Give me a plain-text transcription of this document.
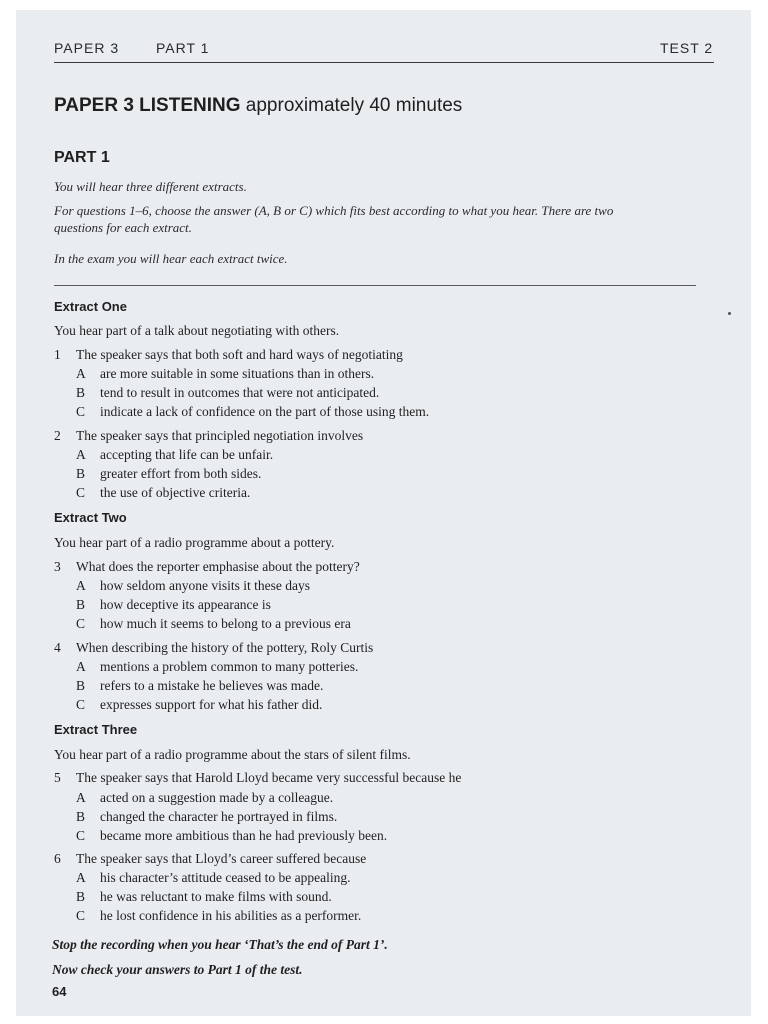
PAPER 3	PART 1	TEST 2
PAPER 3 LISTENING approximately 40 minutes
PART 1
You will hear three different extracts.
For questions 1–6, choose the answer (A, B or C) which fits best according to what you hear. There are two
questions for each extract.
In the exam you will hear each extract twice.
Extract One
You hear part of a talk about negotiating with others.
1 The speaker says that both soft and hard ways of negotiating
A are more suitable in some situations than in others.
B tend to result in outcomes that were not anticipated.
C indicate a lack of confidence on the part of those using them.
2 The speaker says that principled negotiation involves
A accepting that life can be unfair.
B greater effort from both sides.
C the use of objective criteria.
Extract Two
You hear part of a radio programme about a pottery.
3 What does the reporter emphasise about the pottery?
A how seldom anyone visits it these days
B how deceptive its appearance is
C how much it seems to belong to a previous era
4 When describing the history of the pottery, Roly Curtis
A mentions a problem common to many potteries.
B refers to a mistake he believes was made.
C expresses support for what his father did.
Extract Three
You hear part of a radio programme about the stars of silent films.
5 The speaker says that Harold Lloyd became very successful because he
A acted on a suggestion made by a colleague.
B changed the character he portrayed in films.
C became more ambitious than he had previously been.
6 The speaker says that Lloyd’s career suffered because
A his character’s attitude ceased to be appealing.
B he was reluctant to make films with sound.
C he lost confidence in his abilities as a performer.
Stop the recording when you hear ‘That’s the end of Part 1’.
Now check your answers to Part 1 of the test.
64
